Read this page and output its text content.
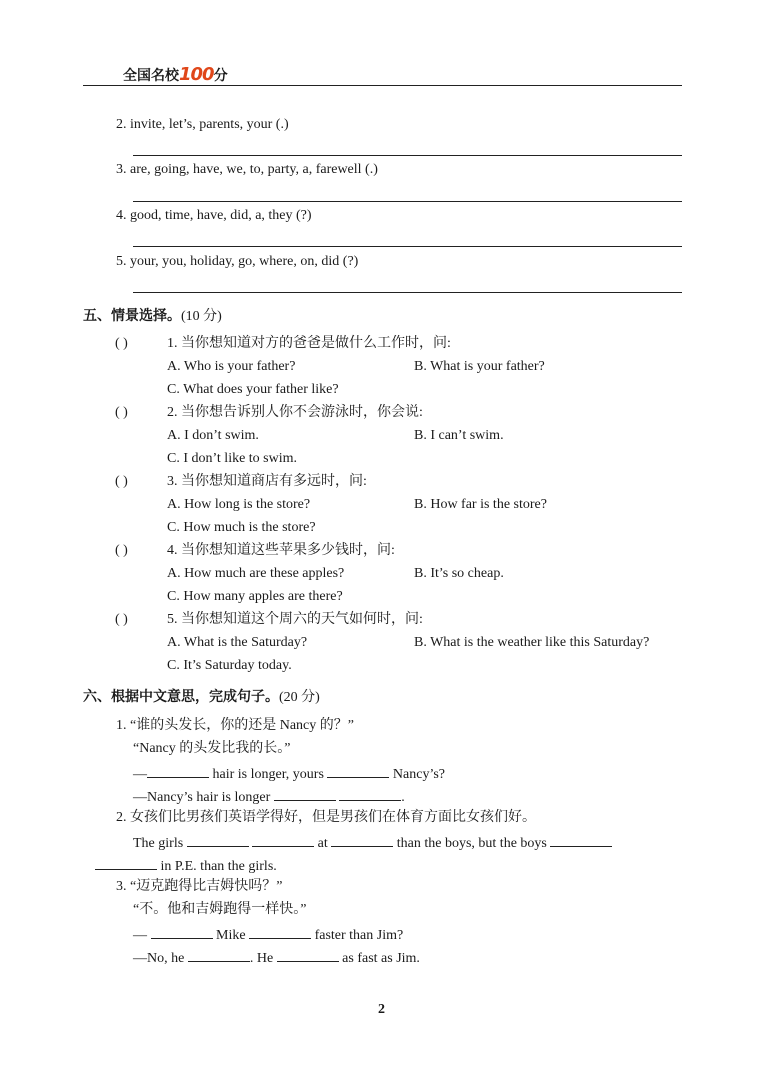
全国名校100分
2. invite, let’s, parents, your (.)
3. are, going, have, we, to, party, a, farewell (.)
4. good, time, have, did, a, they (?)
5. your, you, holiday, go, where, on, did (?)
五、情景选择。(10 分)
( )	1. 当你想知道对方的爸爸是做什么工作时，问:
A. Who is your father?	B. What is your father?
C. What does your father like?
( )	2. 当你想告诉别人你不会游泳时，你会说:
A. I don’t swim.	B. I can’t swim.
C. I don’t like to swim.
( )	3. 当你想知道商店有多远时，问:
A. How long is the store?	B. How far is the store?
C. How much is the store?
( )	4. 当你想知道这些苹果多少钱时，问:
A. How much are these apples?	B. It’s so cheap.
C. How many apples are there?
( )	5. 当你想知道这个周六的天气如何时，问:
A. What is the Saturday?	B. What is the weather like this Saturday?
C. It’s Saturday today.
六、根据中文意思，完成句子。(20 分)
1. “谁的头发长，你的还是 Nancy 的？”
“Nancy 的头发比我的长。”
—	hair is longer, yours	Nancy’s?
—Nancy’s hair is longer	.
2. 女孩们比男孩们英语学得好，但是男孩们在体育方面比女孩们好。
The girls	at	than the boys, but the boys
in P.E. than the girls.
3. “迈克跑得比吉姆快吗？”
“不。他和吉姆跑得一样快。”
—	Mike	faster than Jim?
—No, he	. He	as fast as Jim.
2
